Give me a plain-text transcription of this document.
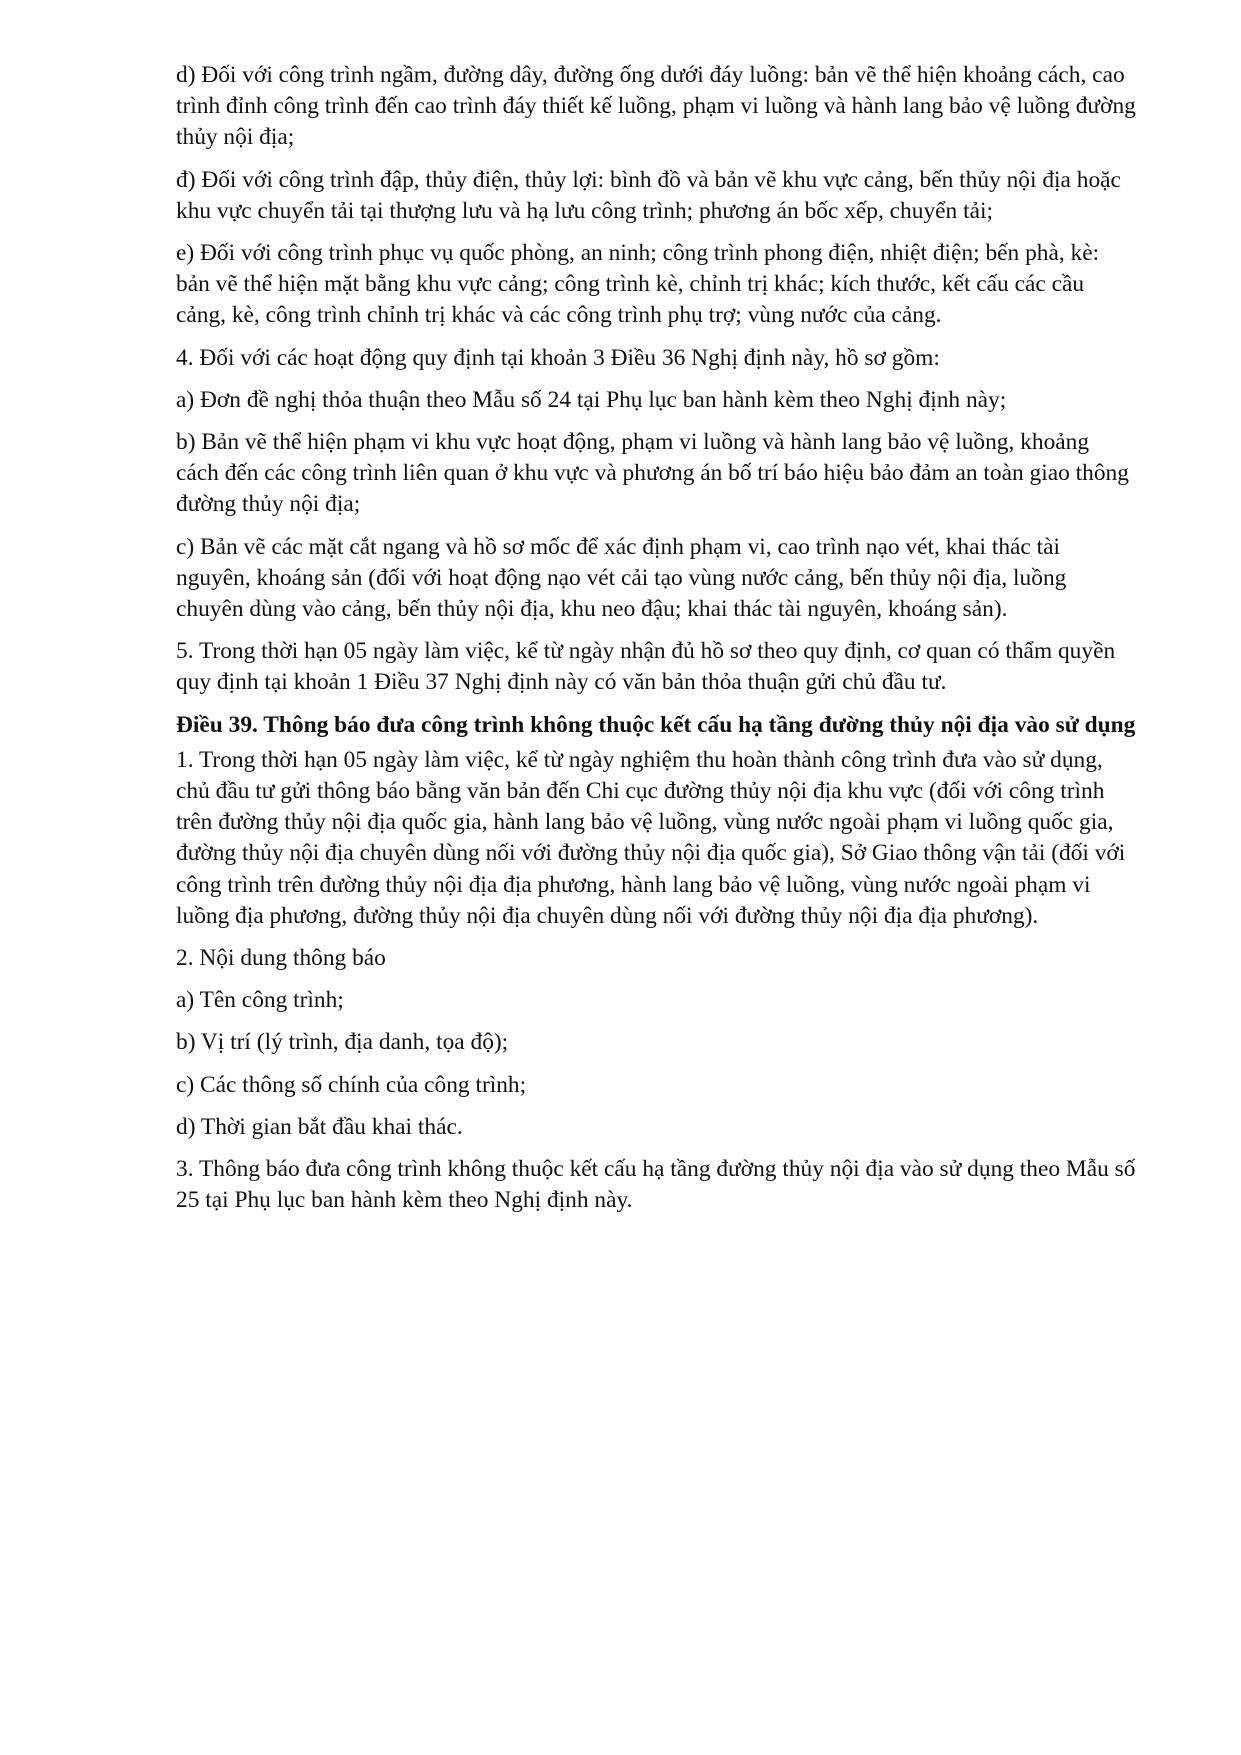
d) Đối với công trình ngầm, đường dây, đường ống dưới đáy luồng: bản vẽ thể hiện khoảng cách, cao trình đỉnh công trình đến cao trình đáy thiết kế luồng, phạm vi luồng và hành lang bảo vệ luồng đường thủy nội địa;

đ) Đối với công trình đập, thủy điện, thủy lợi: bình đồ và bản vẽ khu vực cảng, bến thủy nội địa hoặc khu vực chuyển tải tại thượng lưu và hạ lưu công trình; phương án bốc xếp, chuyển tải;

e) Đối với công trình phục vụ quốc phòng, an ninh; công trình phong điện, nhiệt điện; bến phà, kè: bản vẽ thể hiện mặt bằng khu vực cảng; công trình kè, chỉnh trị khác; kích thước, kết cấu các cầu cảng, kè, công trình chỉnh trị khác và các công trình phụ trợ; vùng nước của cảng.

4. Đối với các hoạt động quy định tại khoản 3 Điều 36 Nghị định này, hồ sơ gồm:

a) Đơn đề nghị thỏa thuận theo Mẫu số 24 tại Phụ lục ban hành kèm theo Nghị định này;

b) Bản vẽ thể hiện phạm vi khu vực hoạt động, phạm vi luồng và hành lang bảo vệ luồng, khoảng cách đến các công trình liên quan ở khu vực và phương án bố trí báo hiệu bảo đảm an toàn giao thông đường thủy nội địa;

c) Bản vẽ các mặt cắt ngang và hồ sơ mốc để xác định phạm vi, cao trình nạo vét, khai thác tài nguyên, khoáng sản (đối với hoạt động nạo vét cải tạo vùng nước cảng, bến thủy nội địa, luồng chuyên dùng vào cảng, bến thủy nội địa, khu neo đậu; khai thác tài nguyên, khoáng sản).

5. Trong thời hạn 05 ngày làm việc, kể từ ngày nhận đủ hồ sơ theo quy định, cơ quan có thẩm quyền quy định tại khoản 1 Điều 37 Nghị định này có văn bản thỏa thuận gửi chủ đầu tư.

Điều 39. Thông báo đưa công trình không thuộc kết cấu hạ tầng đường thủy nội địa vào sử dụng

1. Trong thời hạn 05 ngày làm việc, kể từ ngày nghiệm thu hoàn thành công trình đưa vào sử dụng, chủ đầu tư gửi thông báo bằng văn bản đến Chi cục đường thủy nội địa khu vực (đối với công trình trên đường thủy nội địa quốc gia, hành lang bảo vệ luồng, vùng nước ngoài phạm vi luồng quốc gia, đường thủy nội địa chuyên dùng nối với đường thủy nội địa quốc gia), Sở Giao thông vận tải (đối với công trình trên đường thủy nội địa địa phương, hành lang bảo vệ luồng, vùng nước ngoài phạm vi luồng địa phương, đường thủy nội địa chuyên dùng nối với đường thủy nội địa địa phương).

2. Nội dung thông báo

a) Tên công trình;

b) Vị trí (lý trình, địa danh, tọa độ);

c) Các thông số chính của công trình;

d) Thời gian bắt đầu khai thác.

3. Thông báo đưa công trình không thuộc kết cấu hạ tầng đường thủy nội địa vào sử dụng theo Mẫu số 25 tại Phụ lục ban hành kèm theo Nghị định này.
